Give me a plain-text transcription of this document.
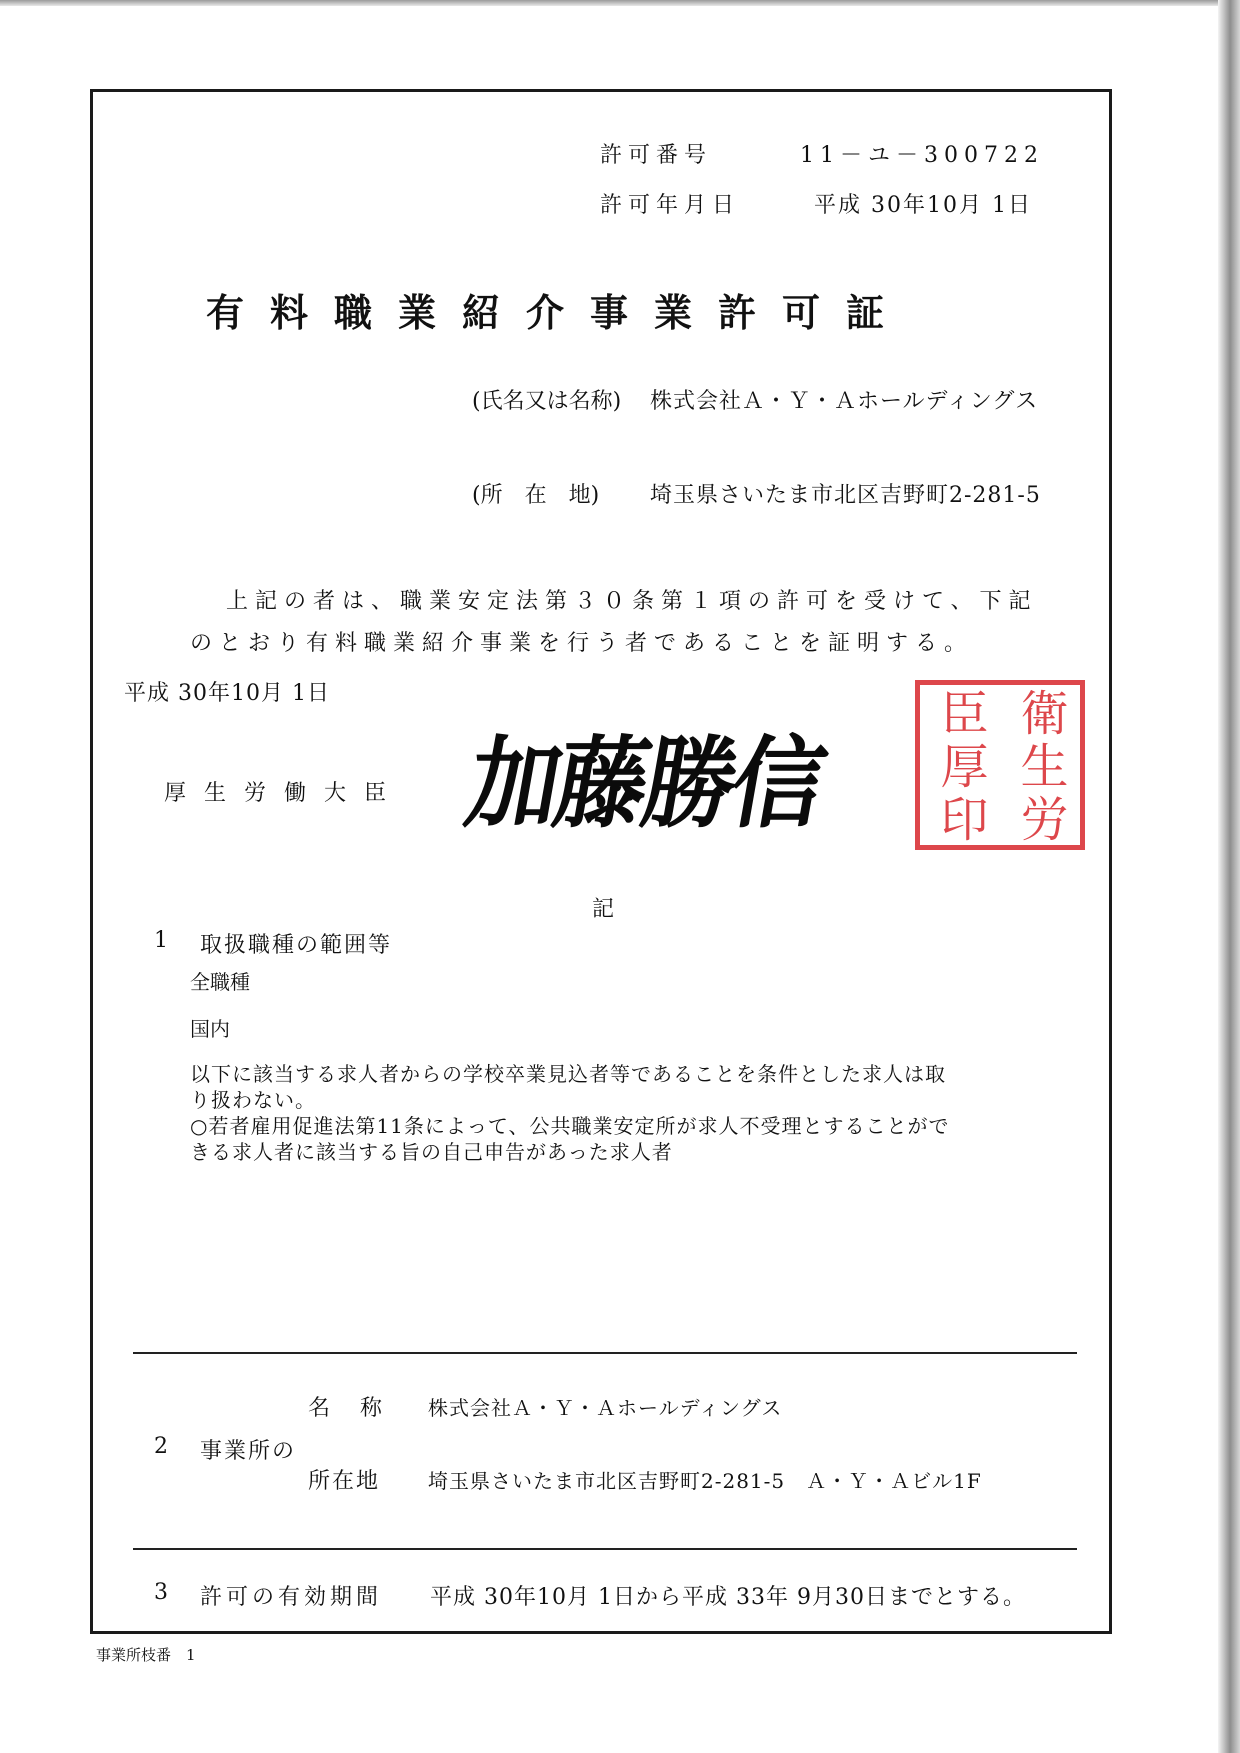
許可番号	11－ユ－300722
許可年月日	平成 30年10月 1日
有料職業紹介事業許可証
(氏名又は名称) 株式会社Ａ・Ｙ・Ａホールディングス
(所　在　地) 埼玉県さいたま市北区吉野町2-281-5
上記の者は、職業安定法第３０条第１項の許可を受けて、下記
のとおり有料職業紹介事業を行う者であることを証明する。
平成 30年10月 1日
厚生労働大臣 加藤勝信
衛
生
労
臣
厚
印
記
1 取扱職種の範囲等
全職種
国内
以下に該当する求人者からの学校卒業見込者等であることを条件とした求人は取
り扱わない。
○若者雇用促進法第11条によって、公共職業安定所が求人不受理とすることがで
きる求人者に該当する旨の自己申告があった求人者
名　称 株式会社Ａ・Ｙ・Ａホールディングス
2 事業所の
所在地 埼玉県さいたま市北区吉野町2-281-5　Ａ・Ｙ・Ａビル1F
3 許可の有効期間 平成 30年10月 1日から平成 33年 9月30日までとする。
事業所枝番　1
